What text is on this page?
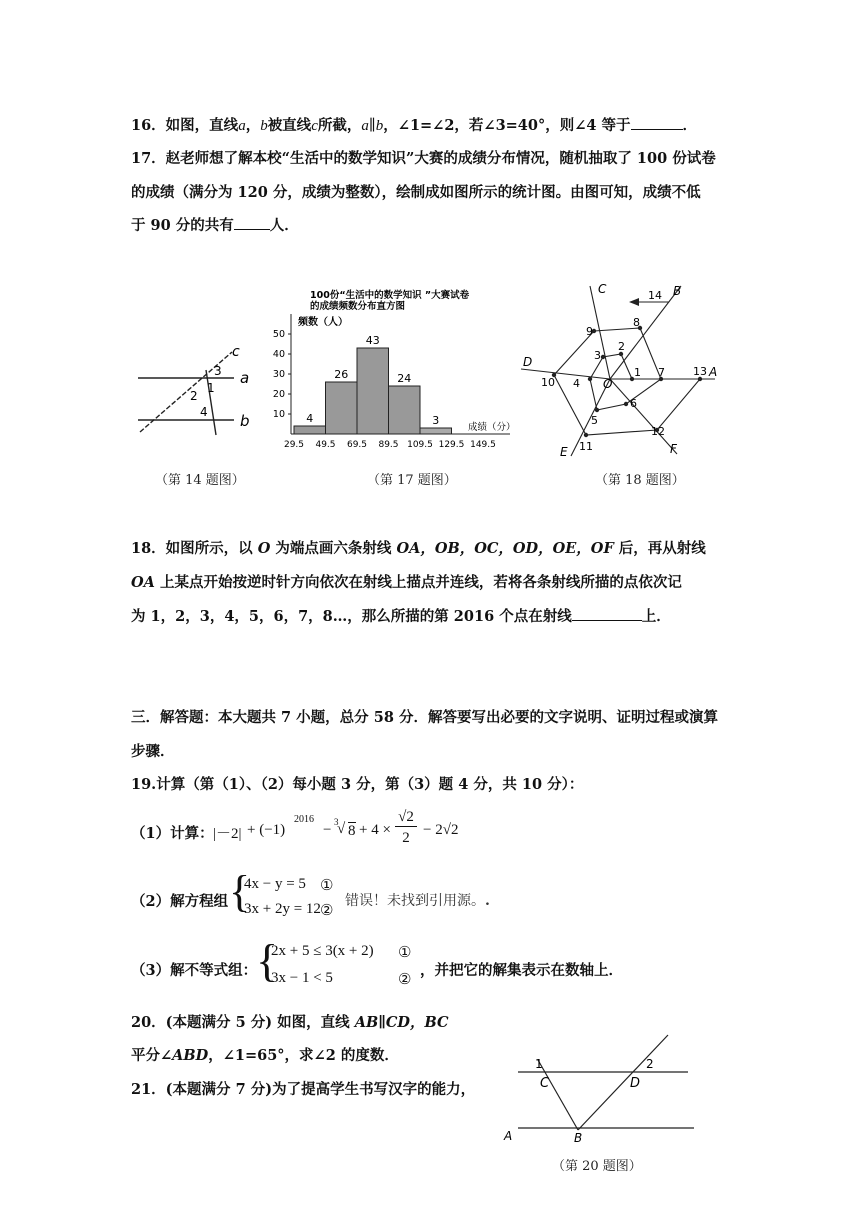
16．如图，直线a，b被直线c所截，a∥b，∠1=∠2，若∠3=40°，则∠4 等于	．
17．赵老师想了解本校“生活中的数学知识”大赛的成绩分布情况，随机抽取了 100 份试卷
的成绩（满分为 120 分，成绩为整数），绘制成如图所示的统计图。由图可知，成绩不低
于 90 分的共有 人．
c
a
b
1
2
3
4
（第 14 题图）
100份“生活中的数学知识 ”大赛试卷
的成绩频数分布直方图
频数（人）
成绩（分）
10
20
30
40
50
4
26
43
24
3
29.5 49.5 69.5 89.5 109.5 129.5 149.5
（第 17 题图）
1
2
3
4
5
6
7
8
9
10
11
12
13
14
A
B
C
D
E	F
O
（第 18 题图）
18．如图所示，以 O 为端点画六条射线 OA，OB，OC，OD，OE，OF 后，再从射线
OA 上某点开始按逆时针方向依次在射线上描点并连线，若将各条射线所描的点依次记
为 1，2，3，4，5，6，7，8…，那么所描的第 2016 个点在射线	上．
三．解答题：本大题共 7 小题，总分 58 分．解答要写出必要的文字说明、证明过程或演算
步骤．
19.计算（第（1）、（2）每小题 3 分，第（3）题 4 分，共 10 分）：
（1）计算： |－2| + (−1)
2016
− 3
√ 8 + 4 ×
√2
2 − 2√2
（2）解方程组 {
4x − y = 5
3x + 2y = 12
①
②
错误！未找到引用源。.
（3）解不等式组：
{
2x + 5 ≤ 3(x + 2)
3x − 1 < 5
①
②
，并把它的解集表示在数轴上．
20．(本题满分 5 分) 如图，直线 AB∥CD，BC
平分∠ABD，∠1=65°，求∠2 的度数．
21．(本题满分 7 分)为了提高学生书写汉字的能力，
A	B
C	D
1	2
（第 20 题图）
